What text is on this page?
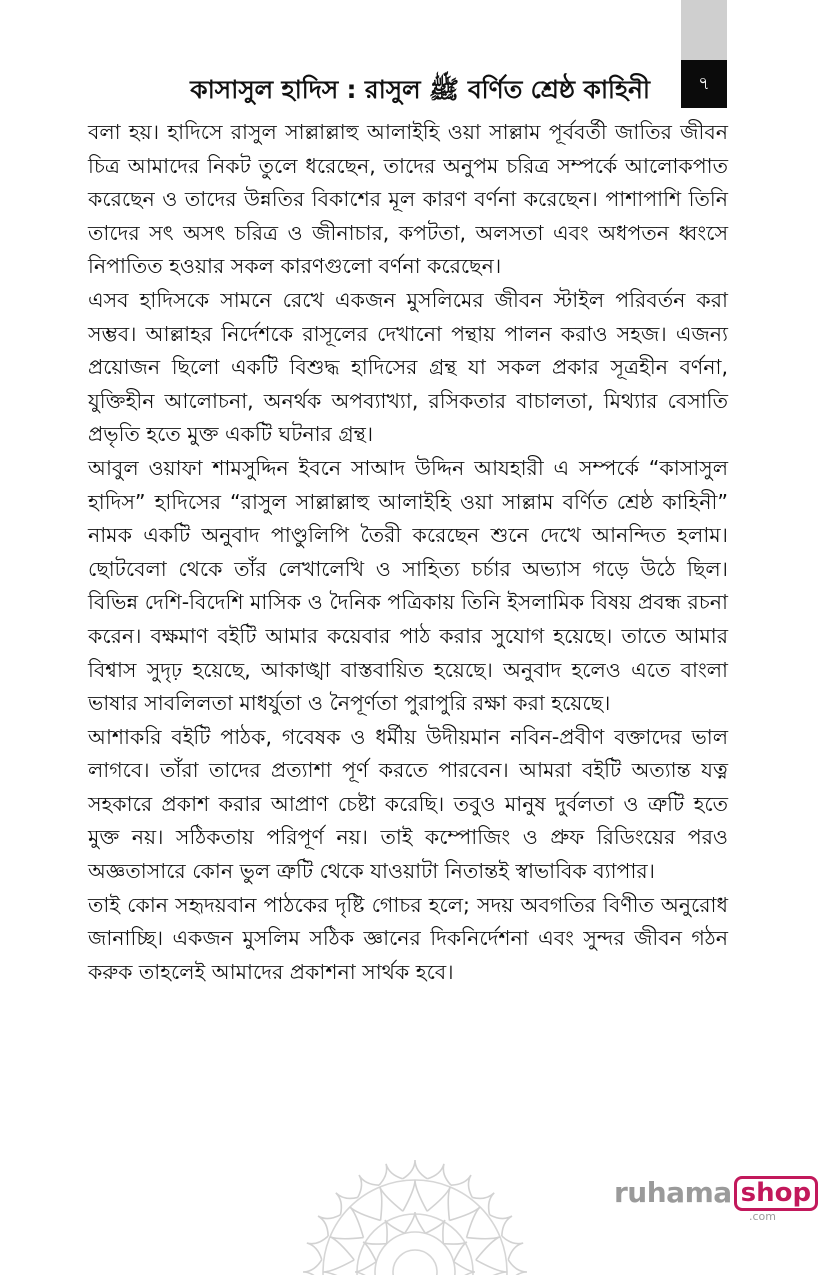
৭
কাসাসুল হাদিস : রাসুল ﷺ বর্ণিত শ্রেষ্ঠ কাহিনী

বলা হয়। হাদিসে রাসুল সাল্লাল্লাহু আলাইহি ওয়া সাল্লাম পূর্ববর্তী জাতির জীবন চিত্র আমাদের নিকট তুলে ধরেছেন, তাদের অনুপম চরিত্র সম্পর্কে আলোকপাত করেছেন ও তাদের উন্নতির বিকাশের মূল কারণ বর্ণনা করেছেন। পাশাপাশি তিনি তাদের সৎ অসৎ চরিত্র ও জীনাচার, কপটতা, অলসতা এবং অধপতন ধ্বংসে নিপাতিত হওয়ার সকল কারণগুলো বর্ণনা করেছেন।

এসব হাদিসকে সামনে রেখে একজন মুসলিমের জীবন স্টাইল পরিবর্তন করা সম্ভব। আল্লাহর নির্দেশকে রাসূলের দেখানো পন্থায় পালন করাও সহজ। এজন্য প্রয়োজন ছিলো একটি বিশুদ্ধ হাদিসের গ্রন্থ যা সকল প্রকার সূত্রহীন বর্ণনা, যুক্তিহীন আলোচনা, অনর্থক অপব্যাখ্যা, রসিকতার বাচালতা, মিথ্যার বেসাতি প্রভৃতি হতে মুক্ত একটি ঘটনার গ্রন্থ।

আবুল ওয়াফা শামসুদ্দিন ইবনে সাআদ উদ্দিন আযহারী এ সম্পর্কে “কাসাসুল হাদিস” হাদিসের “রাসুল সাল্লাল্লাহু আলাইহি ওয়া সাল্লাম বর্ণিত শ্রেষ্ঠ কাহিনী” নামক একটি অনুবাদ পাণ্ডুলিপি তৈরী করেছেন শুনে দেখে আনন্দিত হলাম। ছোটবেলা থেকে তাঁর লেখালেখি ও সাহিত্য চর্চার অভ্যাস গড়ে উঠে ছিল। বিভিন্ন দেশি-বিদেশি মাসিক ও দৈনিক পত্রিকায় তিনি ইসলামিক বিষয় প্রবন্ধ রচনা করেন। বক্ষমাণ বইটি আমার কয়েবার পাঠ করার সুযোগ হয়েছে। তাতে আমার বিশ্বাস সুদৃঢ় হয়েছে, আকাঙ্খা বাস্তবায়িত হয়েছে। অনুবাদ হলেও এতে বাংলা ভাষার সাবলিলতা মাধর্যুতা ও নৈপূর্ণতা পুরাপুরি রক্ষা করা হয়েছে।

আশাকরি বইটি পাঠক, গবেষক ও ধর্মীয় উদীয়মান নবিন-প্রবীণ বক্তাদের ভাল লাগবে। তাঁরা তাদের প্রত্যাশা পূর্ণ করতে পারবেন। আমরা বইটি অত্যান্ত যত্ন সহকারে প্রকাশ করার আপ্রাণ চেষ্টা করেছি। তবুও মানুষ দুর্বলতা ও ত্রুটি হতে মুক্ত নয়। সঠিকতায় পরিপূর্ণ নয়। তাই কম্পোজিং ও প্রুফ রিডিংয়ের পরও অজ্ঞতাসারে কোন ভুল ত্রুটি থেকে যাওয়াটা নিতান্তই স্বাভাবিক ব্যাপার।

তাই কোন সহৃদয়বান পাঠকের দৃষ্টি গোচর হলে; সদয় অবগতির বিণীত অনুরোধ জানাচ্ছি। একজন মুসলিম সঠিক জ্ঞানের দিকনির্দেশনা এবং সুন্দর জীবন গঠন করুক তাহলেই আমাদের প্রকাশনা সার্থক হবে।

ruhama shop
.com
